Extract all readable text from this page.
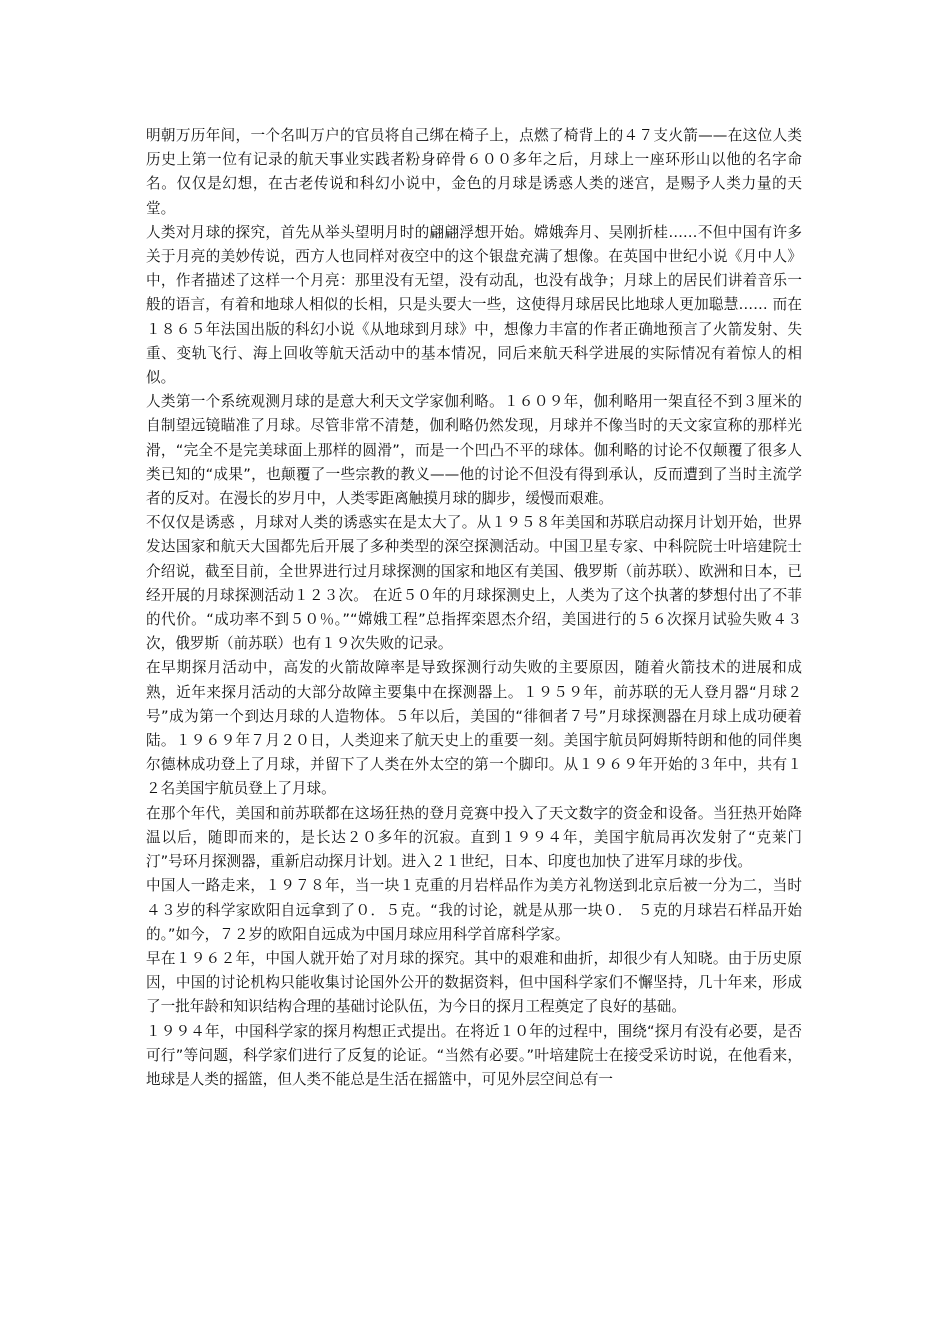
明朝万历年间，一个名叫万户的官员将自己绑在椅子上，点燃了椅背上的４７支火箭——在这位人类历史上第一位有记录的航天事业实践者粉身碎骨６００多年之后，月球上一座环形山以他的名字命名。仅仅是幻想，在古老传说和科幻小说中，金色的月球是诱惑人类的迷宫，是赐予人类力量的天堂。

人类对月球的探究，首先从举头望明月时的翩翩浮想开始。嫦娥奔月、吴刚折桂……不但中国有许多关于月亮的美妙传说，西方人也同样对夜空中的这个银盘充满了想像。在英国中世纪小说《月中人》中，作者描述了这样一个月亮：那里没有无望，没有动乱，也没有战争；月球上的居民们讲着音乐一般的语言，有着和地球人相似的长相，只是头要大一些，这使得月球居民比地球人更加聪慧…… 而在１８６５年法国出版的科幻小说《从地球到月球》中，想像力丰富的作者正确地预言了火箭发射、失重、变轨飞行、海上回收等航天活动中的基本情况，同后来航天科学进展的实际情况有着惊人的相似。

人类第一个系统观测月球的是意大利天文学家伽利略。１６０９年，伽利略用一架直径不到３厘米的自制望远镜瞄准了月球。尽管非常不清楚，伽利略仍然发现，月球并不像当时的天文家宣称的那样光滑，“完全不是完美球面上那样的圆滑”，而是一个凹凸不平的球体。伽利略的讨论不仅颠覆了很多人类已知的“成果”，也颠覆了一些宗教的教义——他的讨论不但没有得到承认，反而遭到了当时主流学者的反对。在漫长的岁月中，人类零距离触摸月球的脚步，缓慢而艰难。

不仅仅是诱惑 ，月球对人类的诱惑实在是太大了。从１９５８年美国和苏联启动探月计划开始，世界发达国家和航天大国都先后开展了多种类型的深空探测活动。中国卫星专家、中科院院士叶培建院士介绍说，截至目前，全世界进行过月球探测的国家和地区有美国、俄罗斯（前苏联）、欧洲和日本，已经开展的月球探测活动１２３次。 在近５０年的月球探测史上，人类为了这个执著的梦想付出了不菲的代价。“成功率不到５０％。”“嫦娥工程”总指挥栾恩杰介绍，美国进行的５６次探月试验失败４３次，俄罗斯（前苏联）也有１９次失败的记录。

在早期探月活动中，高发的火箭故障率是导致探测行动失败的主要原因，随着火箭技术的进展和成熟，近年来探月活动的大部分故障主要集中在探测器上。１９５９年，前苏联的无人登月器“月球２号”成为第一个到达月球的人造物体。５年以后，美国的“徘徊者７号”月球探测器在月球上成功硬着陆。１９６９年７月２０日，人类迎来了航天史上的重要一刻。美国宇航员阿姆斯特朗和他的同伴奥尔德林成功登上了月球，并留下了人类在外太空的第一个脚印。从１９６９年开始的３年中，共有１２名美国宇航员登上了月球。

在那个年代，美国和前苏联都在这场狂热的登月竞赛中投入了天文数字的资金和设备。当狂热开始降温以后，随即而来的，是长达２０多年的沉寂。直到１９９４年，美国宇航局再次发射了“克莱门汀”号环月探测器，重新启动探月计划。进入２１世纪，日本、印度也加快了进军月球的步伐。

中国人一路走来，１９７８年，当一块１克重的月岩样品作为美方礼物送到北京后被一分为二，当时４３岁的科学家欧阳自远拿到了０．５克。“我的讨论，就是从那一块０． ５克的月球岩石样品开始的。”如今，７２岁的欧阳自远成为中国月球应用科学首席科学家。

早在１９６２年，中国人就开始了对月球的探究。其中的艰难和曲折，却很少有人知晓。由于历史原因，中国的讨论机构只能收集讨论国外公开的数据资料，但中国科学家们不懈坚持，几十年来，形成了一批年龄和知识结构合理的基础讨论队伍，为今日的探月工程奠定了良好的基础。

１９９４年，中国科学家的探月构想正式提出。在将近１０年的过程中，围绕“探月有没有必要，是否可行”等问题，科学家们进行了反复的论证。“当然有必要。”叶培建院士在接受采访时说，在他看来，地球是人类的摇篮，但人类不能总是生活在摇篮中，可见外层空间总有一
